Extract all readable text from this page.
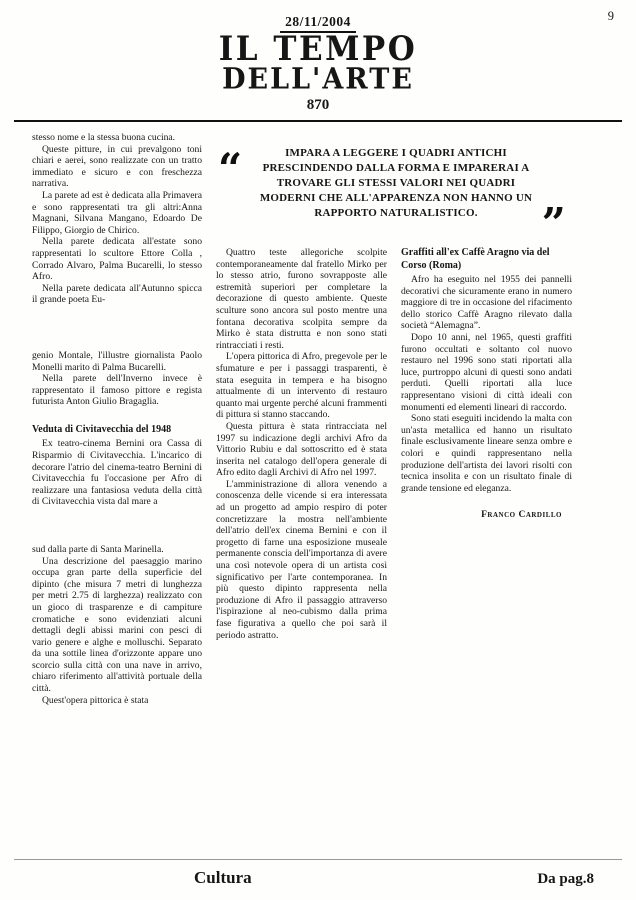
9
28/11/2004
IL TEMPO
DELL'ARTE
870

stesso nome e la stessa buona cucina.

Queste pitture, in cui prevalgono toni chiari e aerei, sono realizzate con un tratto immediato e sicuro e con freschezza narrativa.

La parete ad est è dedicata alla Primavera e sono rappresentati tra gli altri:Anna Magnani, Silvana Mangano, Edoardo De Filippo, Giorgio de Chirico.

Nella parete dedicata all'estate sono rappresentati lo scultore Ettore Colla , Corrado Alvaro, Palma Bucarelli, lo stesso Afro.

Nella parete dedicata all'Autunno spicca il grande poeta Eu-

genio Montale, l'illustre giornalista Paolo Monelli marito di Palma Bucarelli.

Nella parete dell'Inverno invece è rappresentato il famoso pittore e regista futurista Anton Giulio Bragaglia.

Veduta di Civitavecchia del 1948

Ex teatro-cinema Bernini ora Cassa di Risparmio di Civitavecchia. L'incarico di decorare l'atrio del cinema-teatro Bernini di Civitavecchia fu l'occasione per Afro di realizzare una fantasiosa veduta della città di Civitavecchia vista dal mare a

sud dalla parte di Santa Marinella.

Una descrizione del paesaggio marino occupa gran parte della superficie del dipinto (che misura 7 metri di lunghezza per metri 2.75 di larghezza) realizzato con un gioco di trasparenze e di campiture cromatiche e sono evidenziati alcuni dettagli degli abissi marini con pesci di vario genere e alghe e molluschi. Separato da una sottile linea d'orizzonte appare uno scorcio sulla città con una nave in arrivo, chiaro riferimento all'attività portuale della città.

Quest'opera pittorica è stata

“	IMPARA A LEGGERE I QUADRI ANTICHI PRESCINDENDO DALLA FORMA E IMPARERAI A TROVARE GLI STESSI VALORI NEI QUADRI MODERNI CHE ALL'APPARENZA NON HANNO UN RAPPORTO NATURALISTICO. ”

Quattro teste allegoriche scolpite contemporaneamente dal fratello Mirko per lo stesso atrio, furono sovrapposte alle estremità superiori per completare la decorazione di questo ambiente. Queste sculture sono ancora sul posto mentre una fontana decorativa scolpita sempre da Mirko è stata distrutta e non sono stati rintracciati i resti.

L'opera pittorica di Afro, pregevole per le sfumature e per i passaggi trasparenti, è stata eseguita in tempera e ha bisogno attualmente di un intervento di restauro quanto mai urgente perché alcuni frammenti di pittura si stanno staccando.

Questa pittura è stata rintracciata nel 1997 su indicazione degli archivi Afro da Vittorio Rubiu e dal sottoscritto ed è stata inserita nel catalogo dell'opera generale di Afro edito dagli Archivi di Afro nel 1997.

L'amministrazione di allora venendo a conoscenza delle vicende si era interessata ad un progetto ad ampio respiro di poter concretizzare la mostra nell'ambiente dell'atrio dell'ex cinema Bernini e con il progetto di farne una esposizione museale permanente conscia dell'importanza di avere una così notevole opera di un artista così significativo per l'arte contemporanea. In più questo dipinto rappresenta nella produzione di Afro il passaggio attraverso l'ispirazione al neo-cubismo dalla prima fase figurativa a quello che poi sarà il periodo astratto.

Graffiti all'ex Caffè Aragno via del Corso (Roma)

Afro ha eseguito nel 1955 dei pannelli decorativi che sicuramente erano in numero maggiore di tre in occasione del rifacimento dello storico Caffè Aragno rilevato dalla società “Alemagna”.

Dopo 10 anni, nel 1965, questi graffiti furono occultati e soltanto col nuovo restauro nel 1996 sono stati riportati alla luce, purtroppo alcuni di questi sono andati perduti. Quelli riportati alla luce rappresentano visioni di città ideali con monumenti ed elementi lineari di raccordo.

Sono stati eseguiti incidendo la malta con un'asta metallica ed hanno un risultato finale esclusivamente lineare senza ombre e colori e quindi rappresentano nella produzione dell'artista dei lavori risolti con tecnica insolita e con un risultato finale di grande tensione ed eleganza.

Franco Cardillo
Cultura	Da pag.8
